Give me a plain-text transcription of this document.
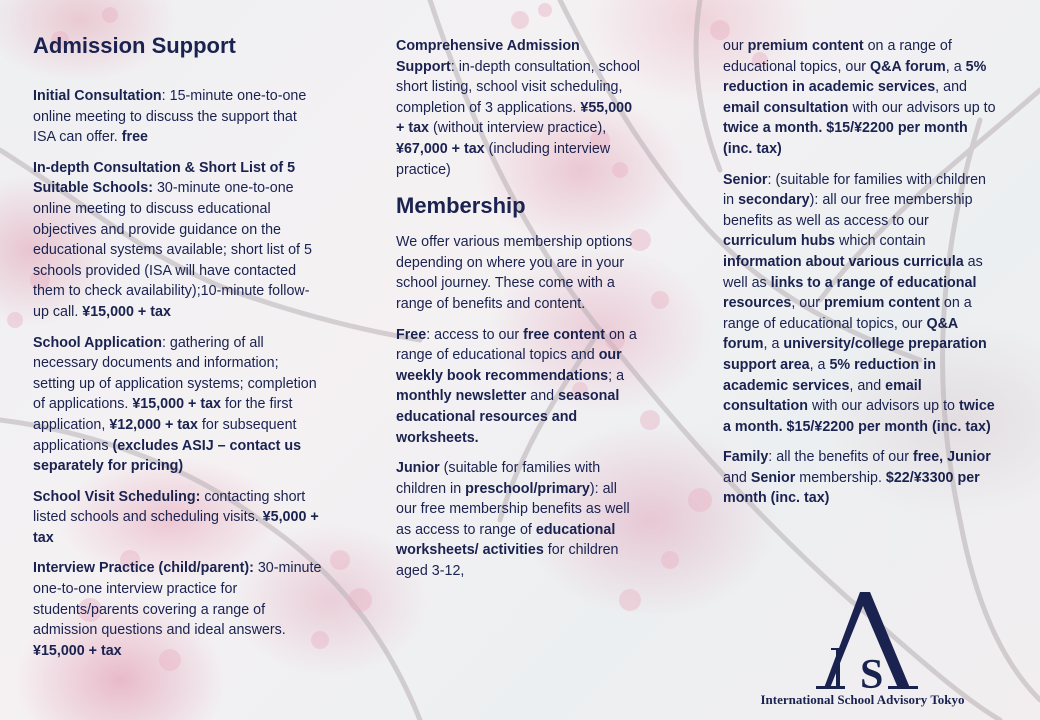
Admission Support

Initial Consultation: 15-minute one-to-one online meeting to discuss the support that ISA can offer. free

In-depth Consultation & Short List of 5 Suitable Schools: 30-minute one-to-one online meeting to discuss educational objectives and provide guidance on the educational systems available; short list of 5 schools provided (ISA will have contacted them to check availability);10-minute follow-up call. ¥15,000 + tax

School Application: gathering of all necessary documents and information; setting up of application systems; completion of applications. ¥15,000 + tax for the first application, ¥12,000 + tax for subsequent applications (excludes ASIJ – contact us separately for pricing)

School Visit Scheduling: contacting short listed schools and scheduling visits. ¥5,000 + tax

Interview Practice (child/parent): 30-minute one-to-one interview practice for students/parents covering a range of admission questions and ideal answers. ¥15,000 + tax

Comprehensive Admission Support: in-depth consultation, school short listing, school visit scheduling, completion of 3 applications. ¥55,000 + tax (without interview practice), ¥67,000 + tax (including interview practice)

Membership

We offer various membership options depending on where you are in your school journey. These come with a range of benefits and content.

Free: access to our free content on a range of educational topics and our weekly book recommendations; a monthly newsletter and seasonal educational resources and worksheets.

Junior (suitable for families with children in preschool/primary): all our free membership benefits as well as access to range of educational worksheets/ activities for children aged 3-12,

our premium content on a range of educational topics, our Q&A forum, a 5% reduction in academic services, and email consultation with our advisors up to twice a month. $15/¥2200 per month (inc. tax)

Senior: (suitable for families with children in secondary): all our free membership benefits as well as access to our curriculum hubs which contain information about various curricula as well as links to a range of educational resources, our premium content on a range of educational topics, our Q&A forum, a university/college preparation support area, a 5% reduction in academic services, and email consultation with our advisors up to twice a month. $15/¥2200 per month (inc. tax)

Family: all the benefits of our free, Junior and Senior membership. $22/¥3300 per month (inc. tax)

S
International School Advisory Tokyo
